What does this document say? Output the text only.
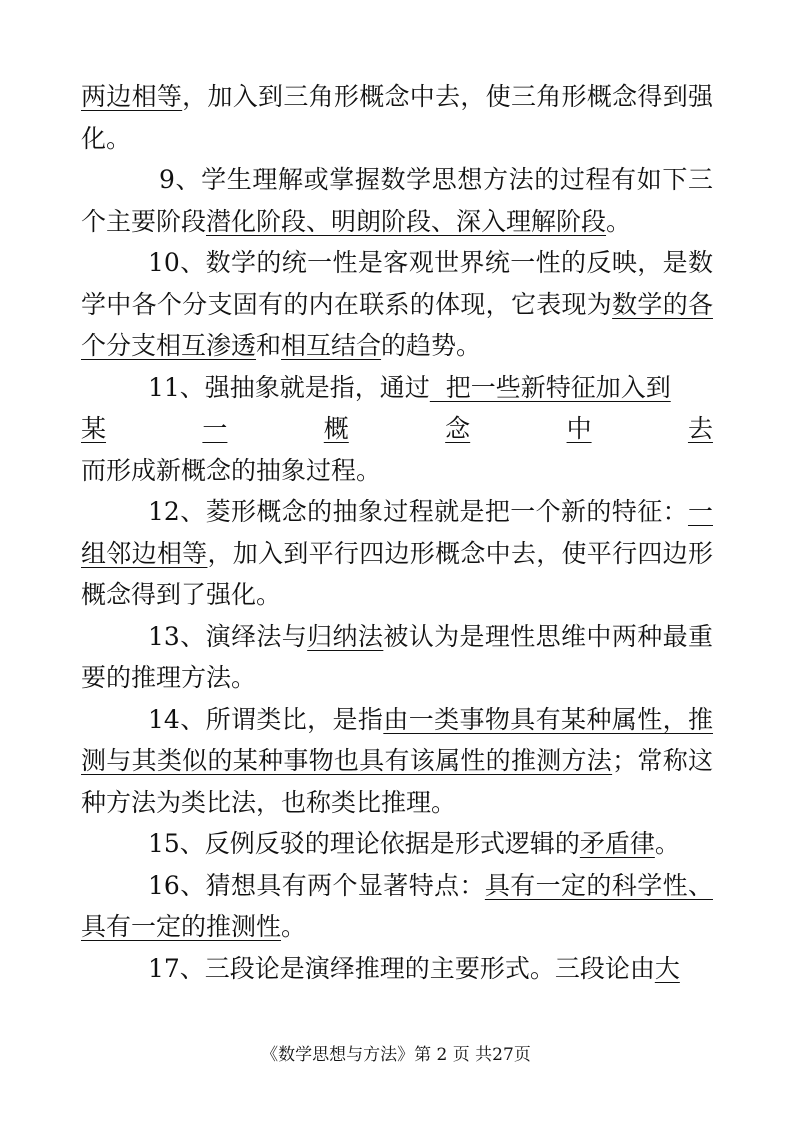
两边相等，加入到三角形概念中去，使三角形概念得到强化。

9、学生理解或掌握数学思想方法的过程有如下三个主要阶段潜化阶段、明朗阶段、深入理解阶段。

10、数学的统一性是客观世界统一性的反映，是数学中各个分支固有的内在联系的体现，它表现为数学的各个分支相互渗透和相互结合的趋势。

11、强抽象就是指，通过  把一些新特征加入到

某	一	概	念	中	去

而形成新概念的抽象过程。

12、菱形概念的抽象过程就是把一个新的特征：一组邻边相等，加入到平行四边形概念中去，使平行四边形概念得到了强化。

13、演绎法与归纳法被认为是理性思维中两种最重要的推理方法。

14、所谓类比，是指由一类事物具有某种属性，推测与其类似的某种事物也具有该属性的推测方法；常称这种方法为类比法，也称类比推理。

15、反例反驳的理论依据是形式逻辑的矛盾律。

16、猜想具有两个显著特点：具有一定的科学性、具有一定的推测性。

17、三段论是演绎推理的主要形式。三段论由大

《数学思想与方法》第 2 页 共27页
